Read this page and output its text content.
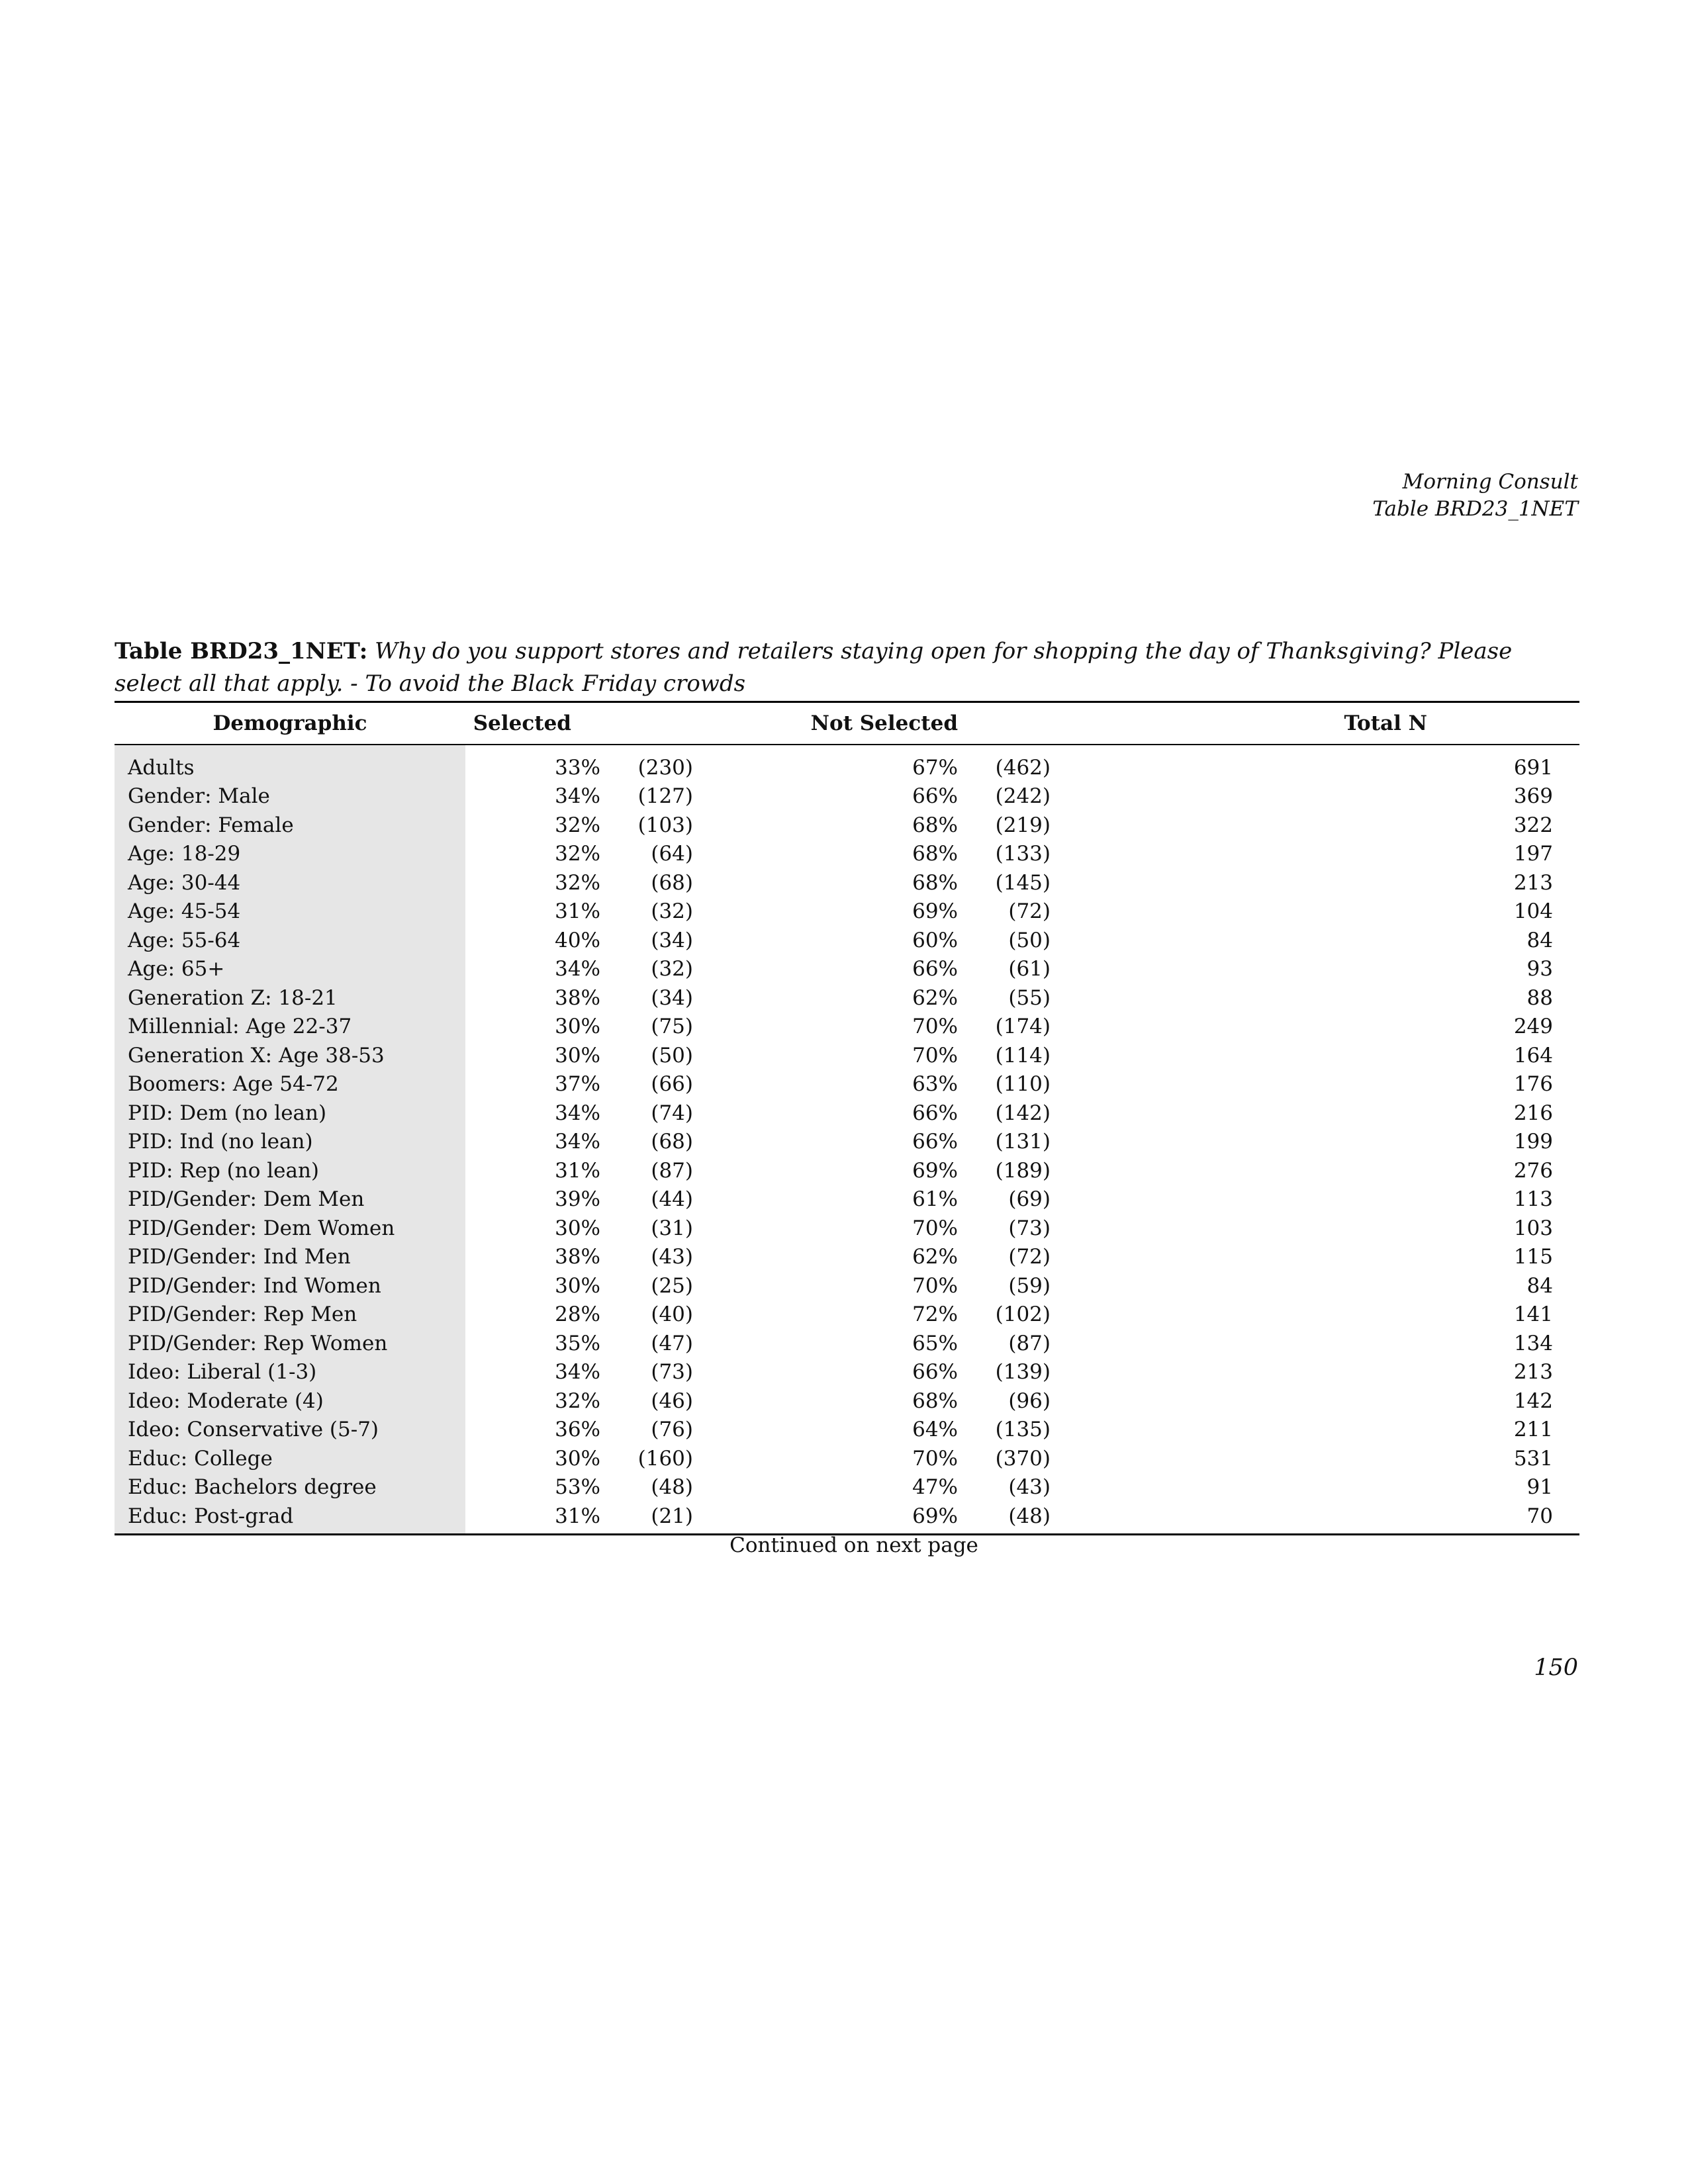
Morning Consult
Table BRD23_1NET
Table BRD23_1NET: Why do you support stores and retailers staying open for shopping the day of Thanksgiving? Please select all that apply. - To avoid the Black Friday crowds
Demographic	Selected			Not Selected		Total N
Adults		33%	(230)	67%	(462)	691
Gender: Male		34%	(127)	66%	(242)	369
Gender: Female		32%	(103)	68%	(219)	322
Age: 18-29		32%	(64)	68%	(133)	197
Age: 30-44		32%	(68)	68%	(145)	213
Age: 45-54		31%	(32)	69%	(72)	104
Age: 55-64		40%	(34)	60%	(50)	84
Age: 65+		34%	(32)	66%	(61)	93
Generation Z: 18-21		38%	(34)	62%	(55)	88
Millennial: Age 22-37		30%	(75)	70%	(174)	249
Generation X: Age 38-53		30%	(50)	70%	(114)	164
Boomers: Age 54-72		37%	(66)	63%	(110)	176
PID: Dem (no lean)		34%	(74)	66%	(142)	216
PID: Ind (no lean)		34%	(68)	66%	(131)	199
PID: Rep (no lean)		31%	(87)	69%	(189)	276
PID/Gender: Dem Men		39%	(44)	61%	(69)	113
PID/Gender: Dem Women		30%	(31)	70%	(73)	103
PID/Gender: Ind Men		38%	(43)	62%	(72)	115
PID/Gender: Ind Women		30%	(25)	70%	(59)	84
PID/Gender: Rep Men		28%	(40)	72%	(102)	141
PID/Gender: Rep Women		35%	(47)	65%	(87)	134
Ideo: Liberal (1-3)		34%	(73)	66%	(139)	213
Ideo: Moderate (4)		32%	(46)	68%	(96)	142
Ideo: Conservative (5-7)		36%	(76)	64%	(135)	211
Educ: College		30%	(160)	70%	(370)	531
Educ: Bachelors degree		53%	(48)	47%	(43)	91
Educ: Post-grad		31%	(21)	69%	(48)	70
Continued on next page
150
